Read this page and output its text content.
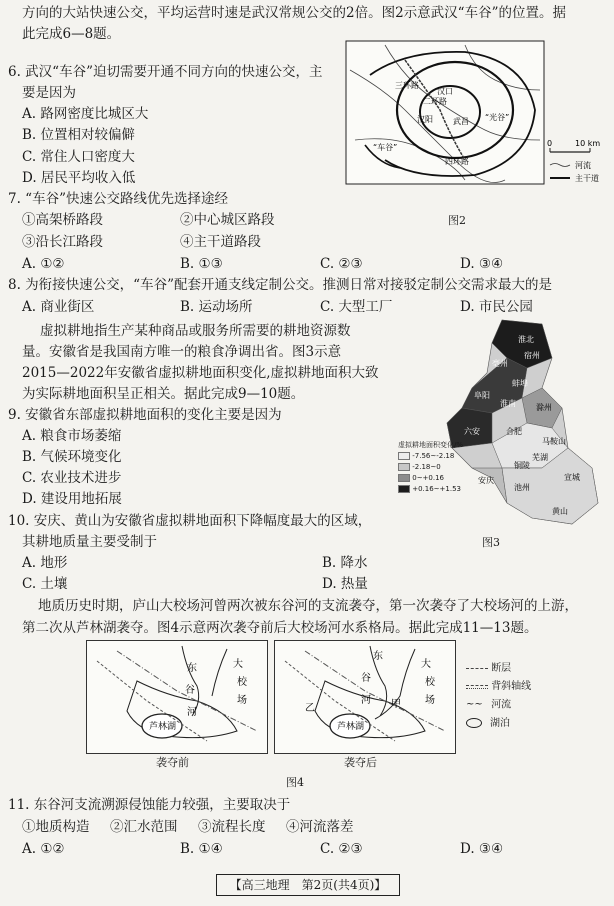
方向的大站快速公交，平均运营时速是武汉常规公交的2倍。图2示意武汉“车谷”的位置。据
此完成6—8题。
6. 武汉“车谷”迫切需要开通不同方向的快速公交，主
要是因为
A. 路网密度比城区大
B. 位置相对较偏僻
C. 常住人口密度大
D. 居民平均收入低
7. “车谷”快速公交路线优先选择途经
①高架桥路段	②中心城区路段
③沿长江路段	④主干道路段
A. ①②	B. ①③	C. ②③	D. ③④
三环路
二环路
汉口
汉阳	武昌 “光谷”
“车谷”
四环路
0	10 km
河流
主干道
图2
8. 为衔接快速公交，“车谷”配套开通支线定制公交。推测日常对接驳定制公交需求最大的是
A. 商业街区	B. 运动场所	C. 大型工厂	D. 市民公园
虚拟耕地指生产某种商品或服务所需要的耕地资源数
量。安徽省是我国南方唯一的粮食净调出省。图3示意
2015—2022年安徽省虚拟耕地面积变化,虚拟耕地面积大致
为实际耕地面积呈正相关。据此完成9—10题。
9. 安徽省东部虚拟耕地面积的变化主要是因为
A. 粮食市场萎缩
B. 气候环境变化
C. 农业技术进步
D. 建设用地拓展
10. 安庆、黄山为安徽省虚拟耕地面积下降幅度最大的区域，
其耕地质量主要受制于
A. 地形	B. 降水
C. 土壤	D. 热量
淮北
宿州
亳州
蚌埠
阜阳
淮南	滁州
合肥
六安
马鞍山
芜湖
铜陵
宣城
安庆
池州
黄山
虚拟耕地面积变化/%
-7.56~-2.18
-2.18~0
0~+0.16
+0.16~+1.53
图3
地质历史时期，庐山大校场河曾两次被东谷河的支流袭夺，第一次袭夺了大校场河的上游，
第二次从芦林湖袭夺。图4示意两次袭夺前后大校场河水系格局。据此完成11—13题。
东
谷
河
大
校
场
芦林湖
东
谷
河
大
校
场
甲
乙
芦林湖
袭夺前	袭夺后
图4
断层
背斜轴线
~~ 河流
湖泊
11. 东谷河支流溯源侵蚀能力较强，主要取决于
①地质构造 ②汇水范围 ③流程长度 ④河流落差
A. ①②	B. ①④	C. ②③	D. ③④
【高三地理　第2页(共4页)】
